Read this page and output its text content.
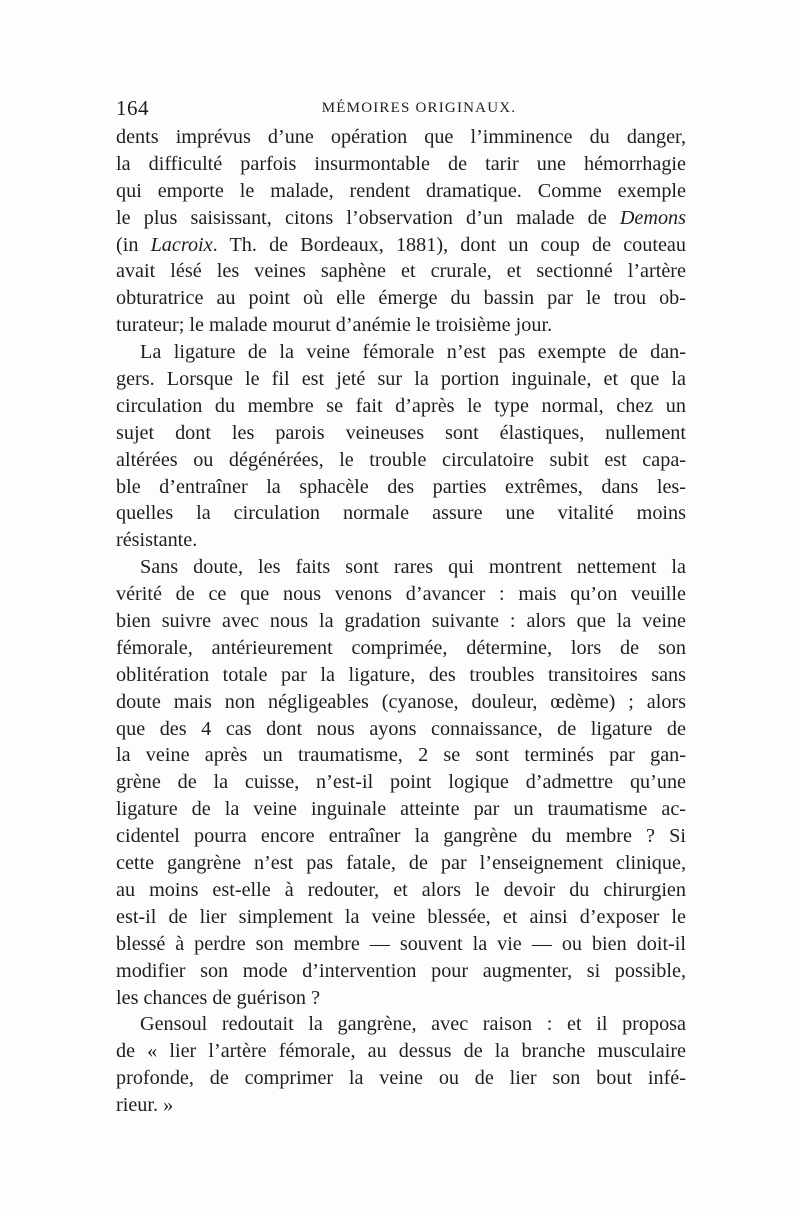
164	MÉMOIRES ORIGINAUX.
dents imprévus d’une opération que l’imminence du danger,
la difficulté parfois insurmontable de tarir une hémorrhagie
qui emporte le malade, rendent dramatique. Comme exemple
le plus saisissant, citons l’observation d’un malade de Demons
(in Lacroix. Th. de Bordeaux, 1881), dont un coup de couteau
avait lésé les veines saphène et crurale, et sectionné l’artère
obturatrice au point où elle émerge du bassin par le trou ob-
turateur; le malade mourut d’anémie le troisième jour.
La ligature de la veine fémorale n’est pas exempte de dan-
gers. Lorsque le fil est jeté sur la portion inguinale, et que la
circulation du membre se fait d’après le type normal, chez un
sujet dont les parois veineuses sont élastiques, nullement
altérées ou dégénérées, le trouble circulatoire subit est capa-
ble d’entraîner la sphacèle des parties extrêmes, dans les-
quelles la circulation normale assure une vitalité moins
résistante.
Sans doute, les faits sont rares qui montrent nettement la
vérité de ce que nous venons d’avancer : mais qu’on veuille
bien suivre avec nous la gradation suivante : alors que la veine
fémorale, antérieurement comprimée, détermine, lors de son
oblitération totale par la ligature, des troubles transitoires sans
doute mais non négligeables (cyanose, douleur, œdème) ; alors
que des 4 cas dont nous ayons connaissance, de ligature de
la veine après un traumatisme, 2 se sont terminés par gan-
grène de la cuisse, n’est-il point logique d’admettre qu’une
ligature de la veine inguinale atteinte par un traumatisme ac-
cidentel pourra encore entraîner la gangrène du membre ? Si
cette gangrène n’est pas fatale, de par l’enseignement clinique,
au moins est-elle à redouter, et alors le devoir du chirurgien
est-il de lier simplement la veine blessée, et ainsi d’exposer le
blessé à perdre son membre — souvent la vie — ou bien doit-il
modifier son mode d’intervention pour augmenter, si possible,
les chances de guérison ?
Gensoul redoutait la gangrène, avec raison : et il proposa
de « lier l’artère fémorale, au dessus de la branche musculaire
profonde, de comprimer la veine ou de lier son bout infé-
rieur. »
